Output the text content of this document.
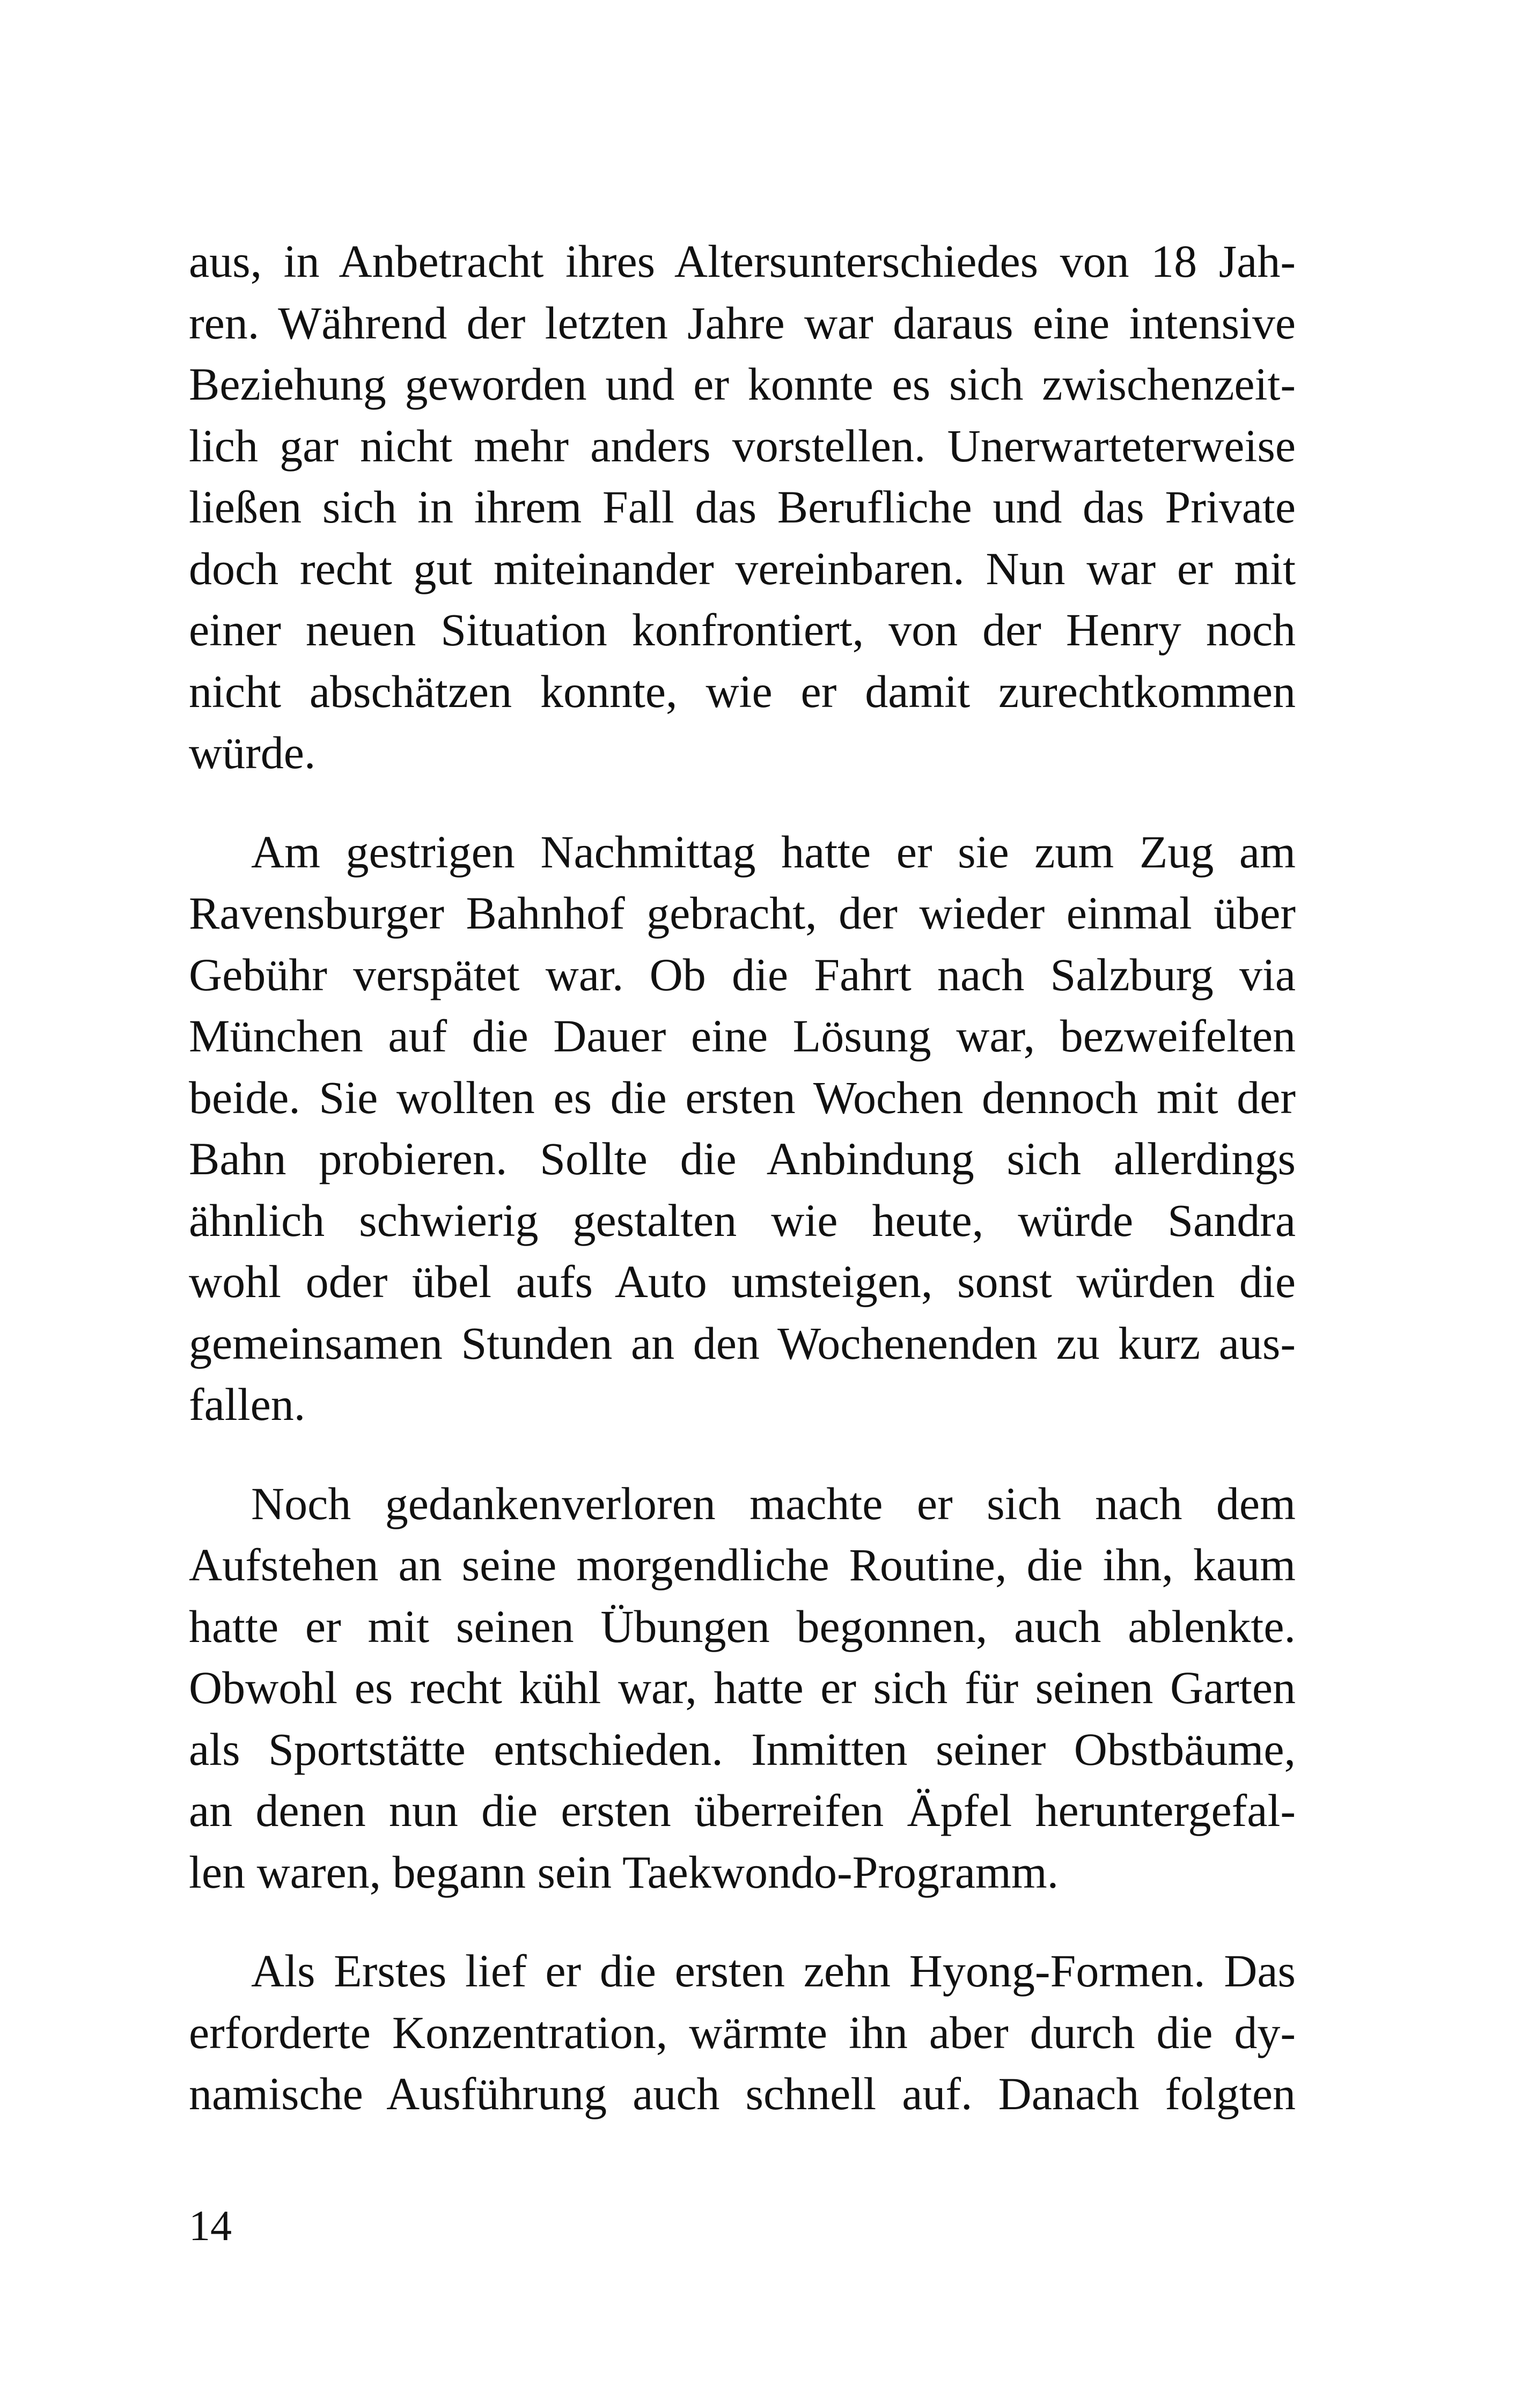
aus, in Anbetracht ihres Altersunterschiedes von 18 Jah-
ren. Während der letzten Jahre war daraus eine intensive
Beziehung geworden und er konnte es sich zwischenzeit-
lich gar nicht mehr anders vorstellen. Unerwarteterweise
ließen sich in ihrem Fall das Berufliche und das Private
doch recht gut miteinander vereinbaren. Nun war er mit
einer neuen Situation konfrontiert, von der Henry noch
nicht abschätzen konnte, wie er damit zurechtkommen
würde.

Am gestrigen Nachmittag hatte er sie zum Zug am
Ravensburger Bahnhof gebracht, der wieder einmal über
Gebühr verspätet war. Ob die Fahrt nach Salzburg via
München auf die Dauer eine Lösung war, bezweifelten
beide. Sie wollten es die ersten Wochen dennoch mit der
Bahn probieren. Sollte die Anbindung sich allerdings
ähnlich schwierig gestalten wie heute, würde Sandra
wohl oder übel aufs Auto umsteigen, sonst würden die
gemeinsamen Stunden an den Wochenenden zu kurz aus-
fallen.

Noch gedankenverloren machte er sich nach dem
Aufstehen an seine morgendliche Routine, die ihn, kaum
hatte er mit seinen Übungen begonnen, auch ablenkte.
Obwohl es recht kühl war, hatte er sich für seinen Garten
als Sportstätte entschieden. Inmitten seiner Obstbäume,
an denen nun die ersten überreifen Äpfel heruntergefal-
len waren, begann sein Taekwondo-Programm.

Als Erstes lief er die ersten zehn Hyong-Formen. Das
erforderte Konzentration, wärmte ihn aber durch die dy-
namische Ausführung auch schnell auf. Danach folgten

14
